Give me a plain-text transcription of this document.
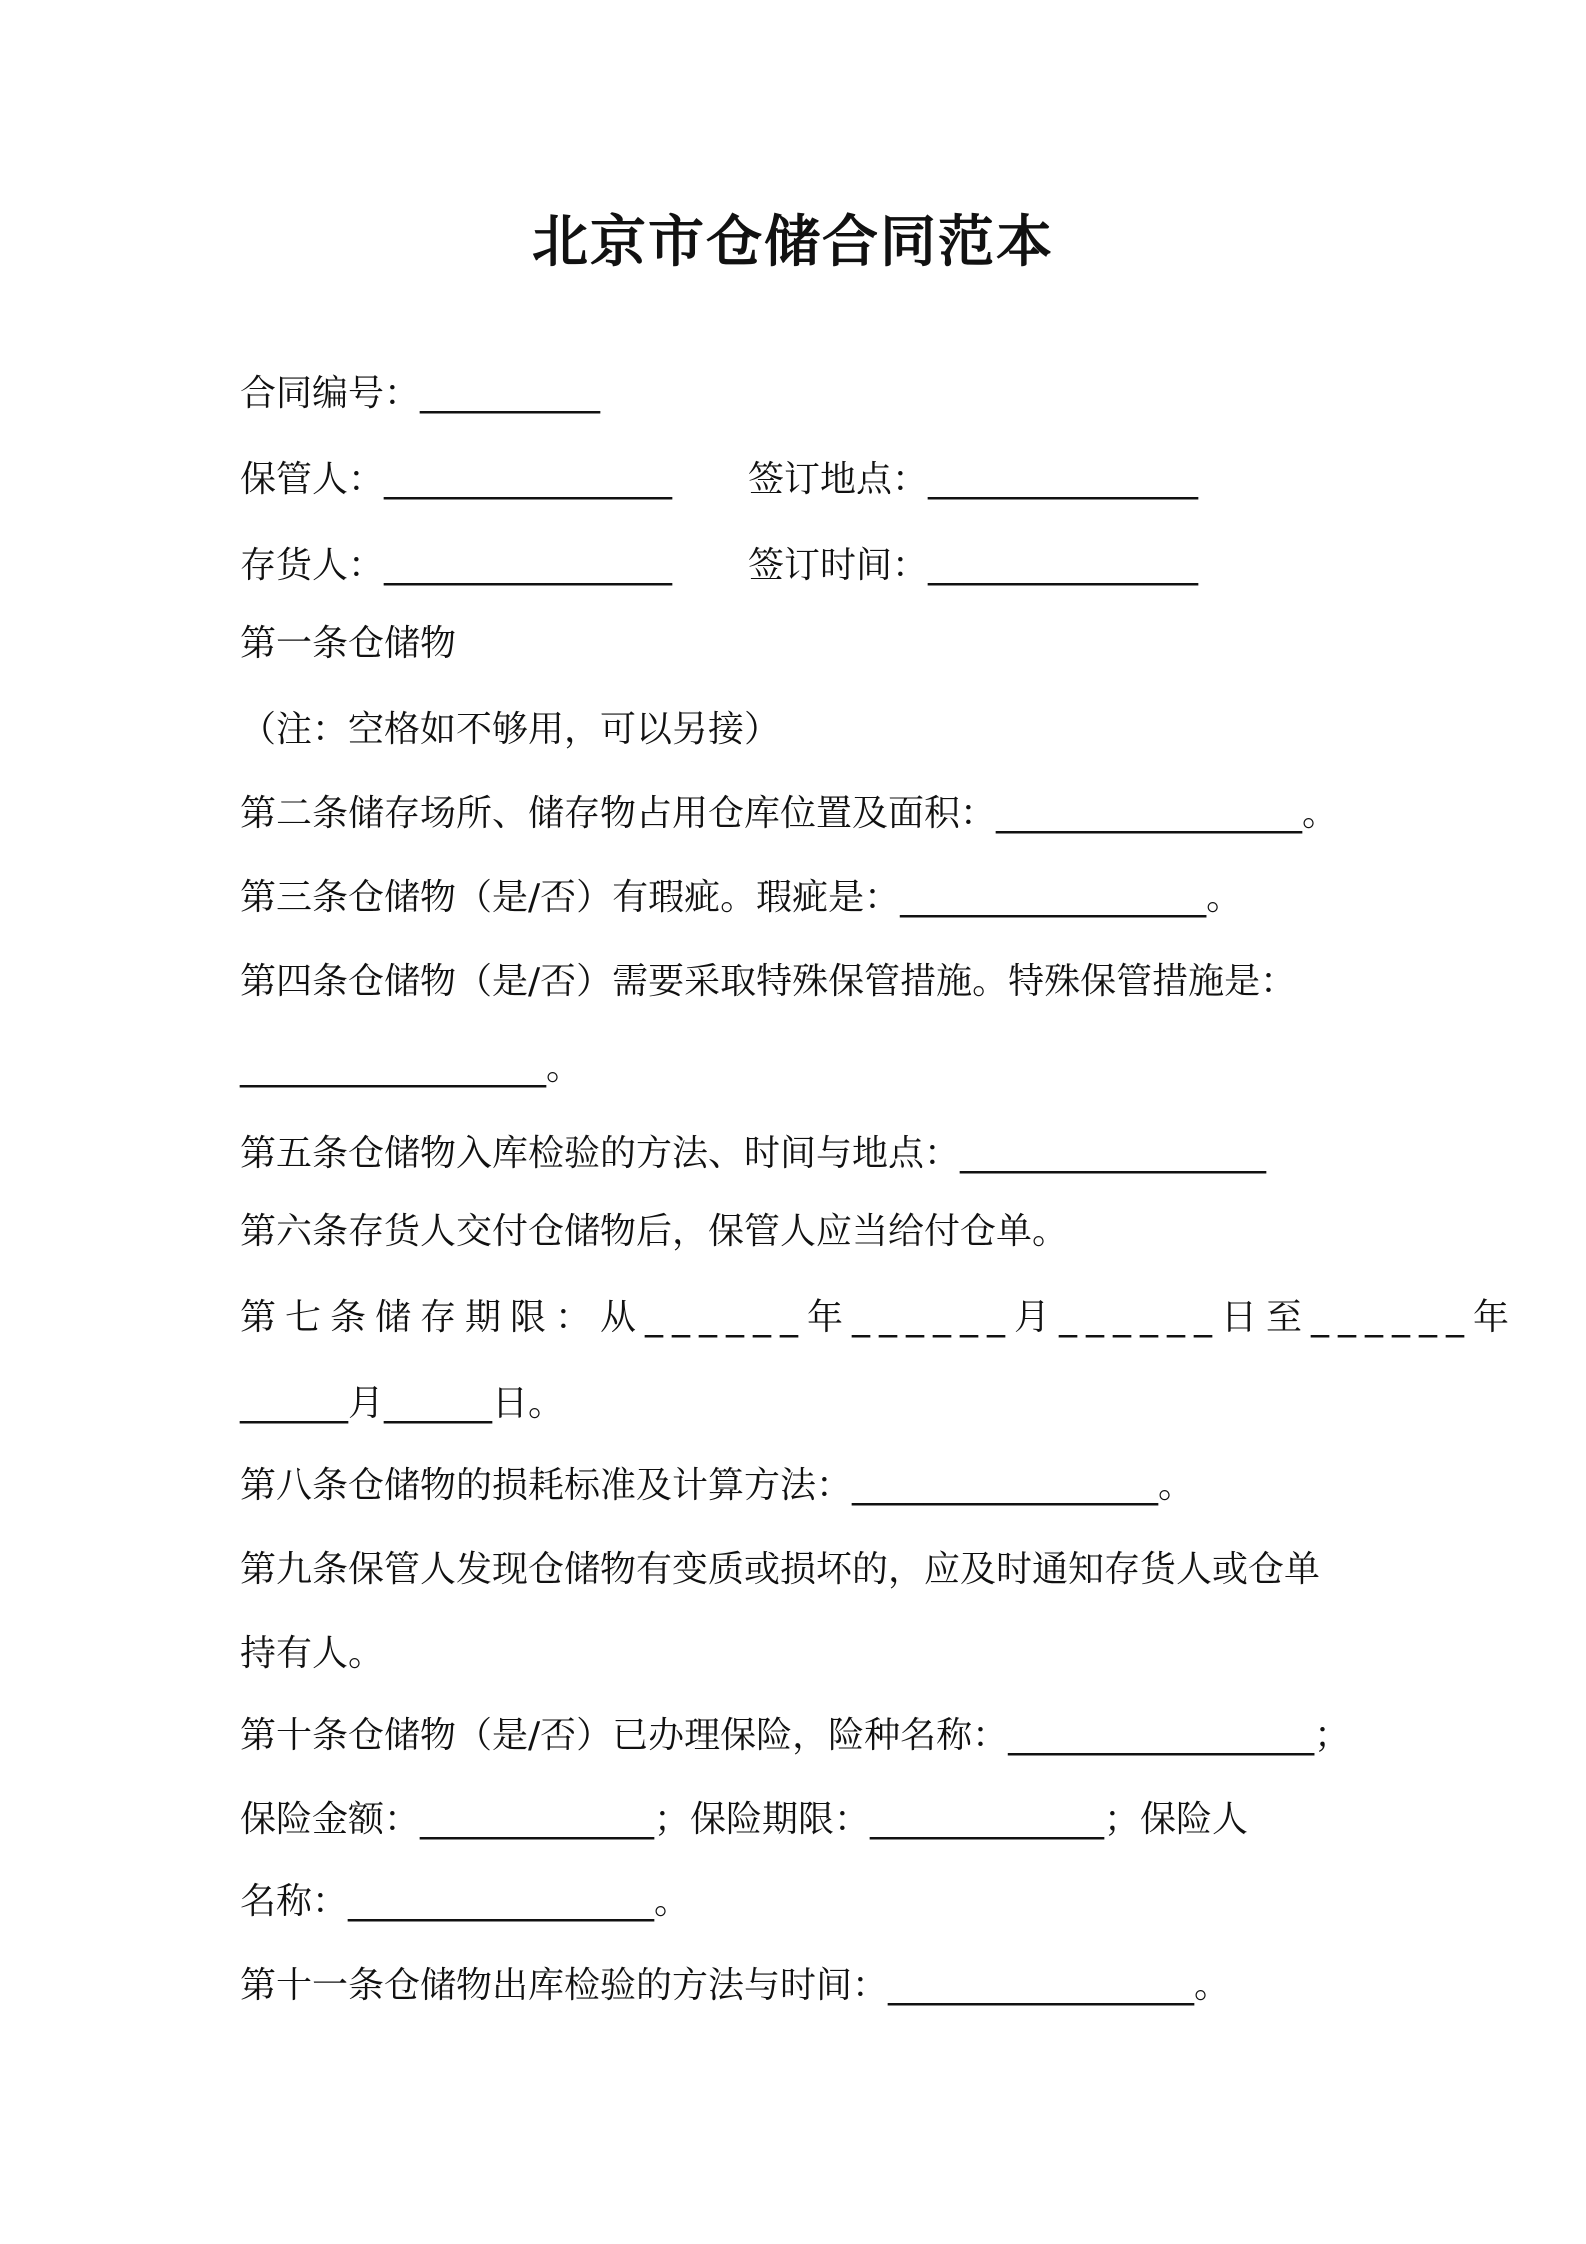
北京市仓储合同范本
合同编号：__________
保管人：________________ 签订地点：_______________
存货人：________________ 签订时间：_______________
第一条仓储物
（注：空格如不够用，可以另接）
第二条储存场所、储存物占用仓库位置及面积：_________________。
第三条仓储物（是/否）有瑕疵。瑕疵是：_________________。
第四条仓储物（是/否）需要采取特殊保管措施。特殊保管措施是：
_________________。
第五条仓储物入库检验的方法、时间与地点：_________________
第六条存货人交付仓储物后，保管人应当给付仓单。
第七条储存期限：从______年______月______日至______年
______月______日。
第八条仓储物的损耗标准及计算方法：_________________。
第九条保管人发现仓储物有变质或损坏的，应及时通知存货人或仓单
持有人。
第十条仓储物（是/否）已办理保险，险种名称：_________________；
保险金额：_____________；保险期限：_____________；保险人
名称：_________________。
第十一条仓储物出库检验的方法与时间：_________________。
